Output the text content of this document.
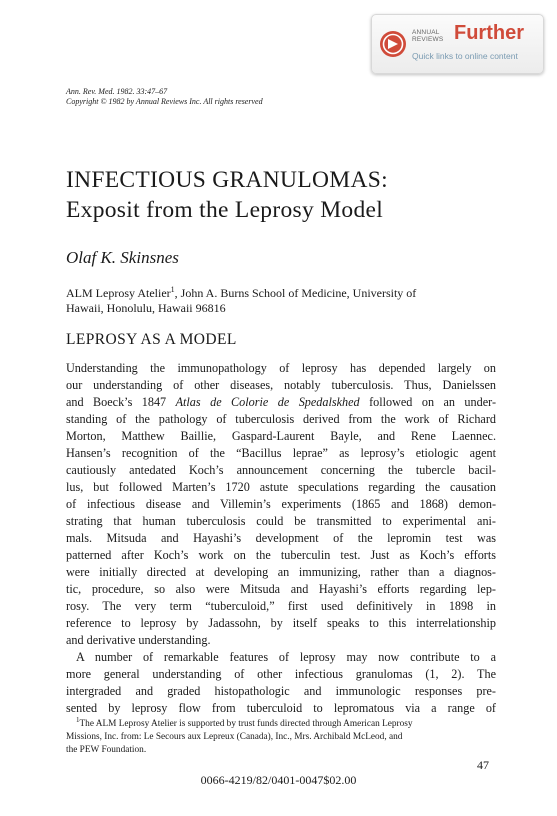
ANNUAL
REVIEWS Further
Quick links to online content
Ann. Rev. Med. 1982. 33:47–67
Copyright © 1982 by Annual Reviews Inc. All rights reserved
INFECTIOUS GRANULOMAS:
Exposit from the Leprosy Model
Olaf K. Skinsnes
ALM Leprosy Atelier$^1$, John A. Burns School of Medicine, University of
Hawaii, Honolulu, Hawaii 96816
LEPROSY AS A MODEL
Understanding the immunopathology of leprosy has depended largely on
our understanding of other diseases, notably tuberculosis. Thus, Danielssen
and Boeck’s 1847 Atlas de Colorie de Spedalskhed followed on an under-
standing of the pathology of tuberculosis derived from the work of Richard
Morton, Matthew Baillie, Gaspard-Laurent Bayle, and Rene Laennec.
Hansen’s recognition of the “Bacillus leprae” as leprosy’s etiologic agent
cautiously antedated Koch’s announcement concerning the tubercle bacil-
lus, but followed Marten’s 1720 astute speculations regarding the causation
of infectious disease and Villemin’s experiments (1865 and 1868) demon-
strating that human tuberculosis could be transmitted to experimental ani-
mals. Mitsuda and Hayashi’s development of the lepromin test was
patterned after Koch’s work on the tuberculin test. Just as Koch’s efforts
were initially directed at developing an immunizing, rather than a diagnos-
tic, procedure, so also were Mitsuda and Hayashi’s efforts regarding lep-
rosy. The very term “tuberculoid,” first used definitively in 1898 in
reference to leprosy by Jadassohn, by itself speaks to this interrelationship
and derivative understanding.
A number of remarkable features of leprosy may now contribute to a
more general understanding of other infectious granulomas (1, 2). The
intergraded and graded histopathologic and immunologic responses pre-
sented by leprosy flow from tuberculoid to lepromatous via a range of
$^1$The ALM Leprosy Atelier is supported by trust funds directed through American Leprosy
Missions, Inc. from: Le Secours aux Lepreux (Canada), Inc., Mrs. Archibald McLeod, and
the PEW Foundation.
47
0066-4219/82/0401-0047$02.00
